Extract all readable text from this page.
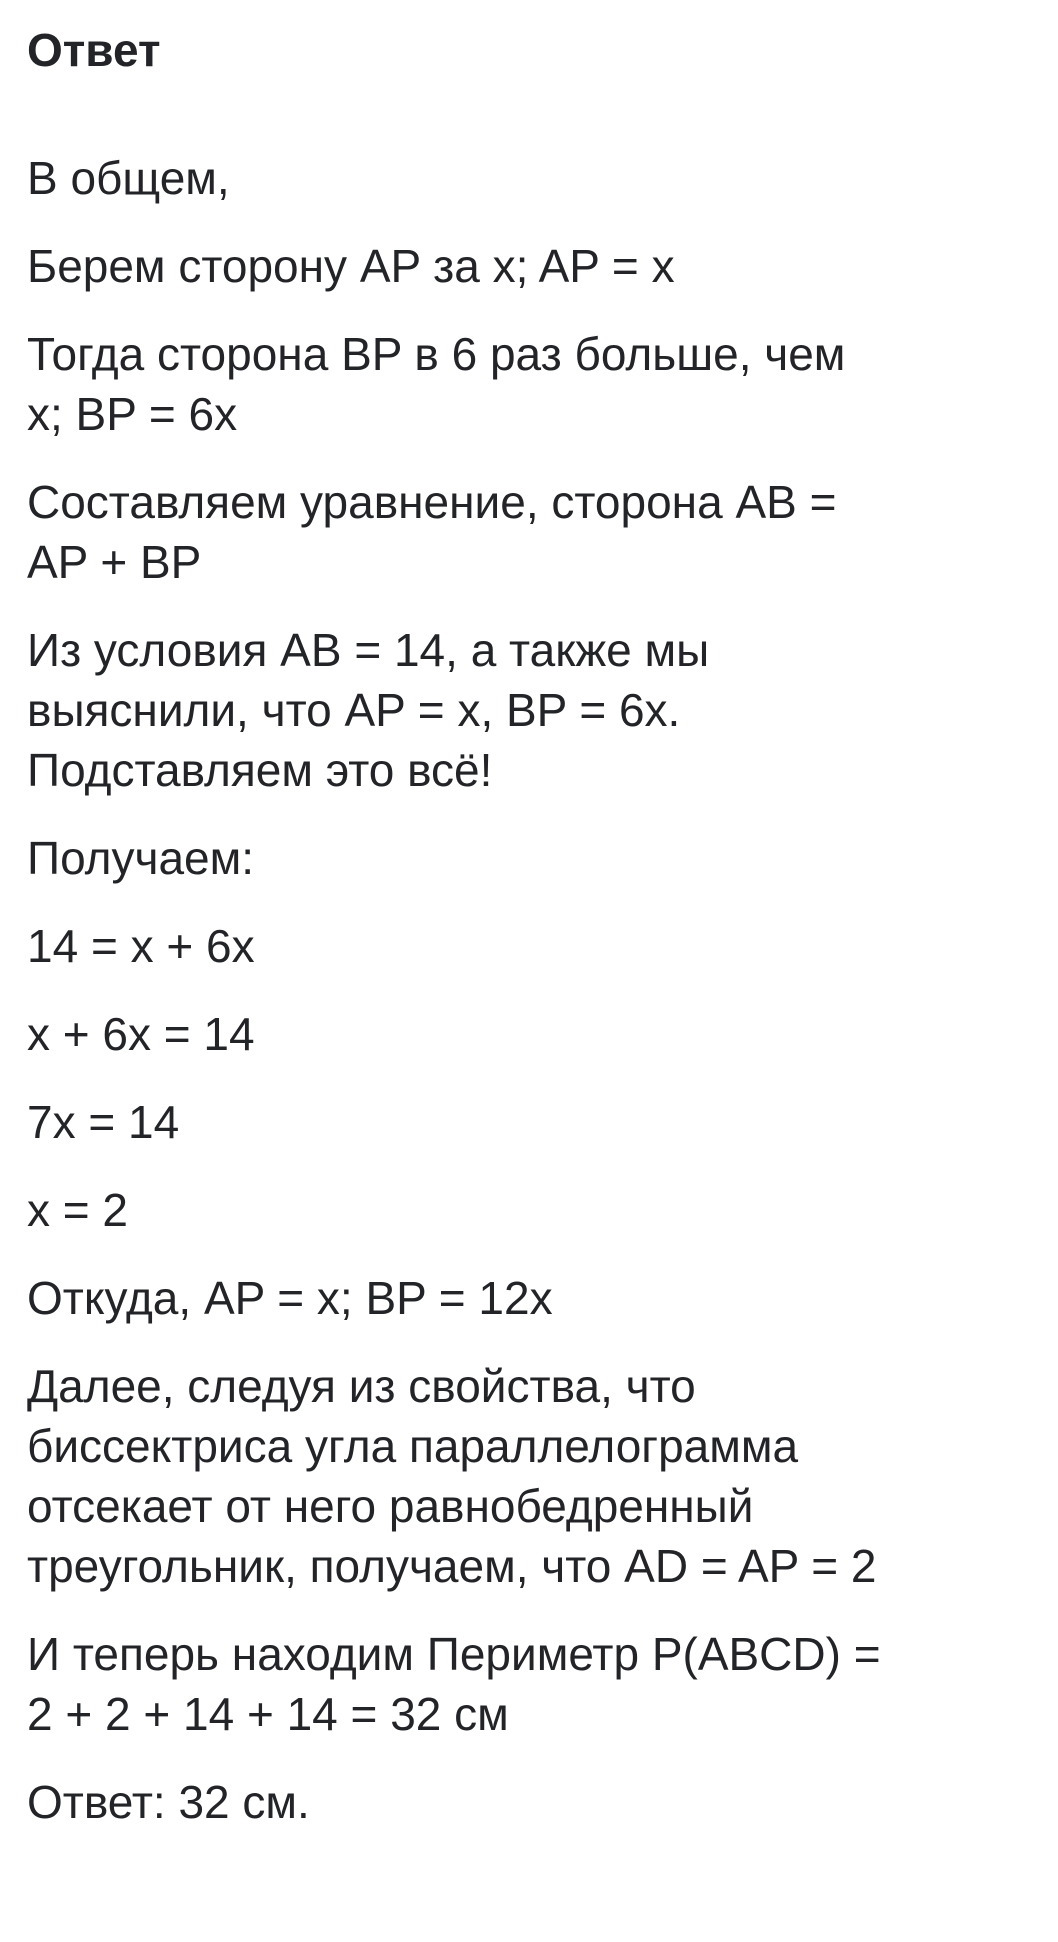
Ответ

В общем,

Берем сторону AP за x; AP = x

Тогда сторона BP в 6 раз больше, чем
x; BP = 6x

Составляем уравнение, сторона AB =
AP + BP

Из условия AB = 14, а также мы
выяснили, что AP = x, BP = 6x.
Подставляем это всё!

Получаем:

14 = x + 6x

x + 6x = 14

7x = 14

x = 2

Откуда, AP = x; BP = 12x

Далее, следуя из свойства, что
биссектриса угла параллелограмма
отсекает от него равнобедренный
треугольник, получаем, что AD = AP = 2

И теперь находим Периметр P(ABCD) =
2 + 2 + 14 + 14 = 32 см

Ответ: 32 см.
